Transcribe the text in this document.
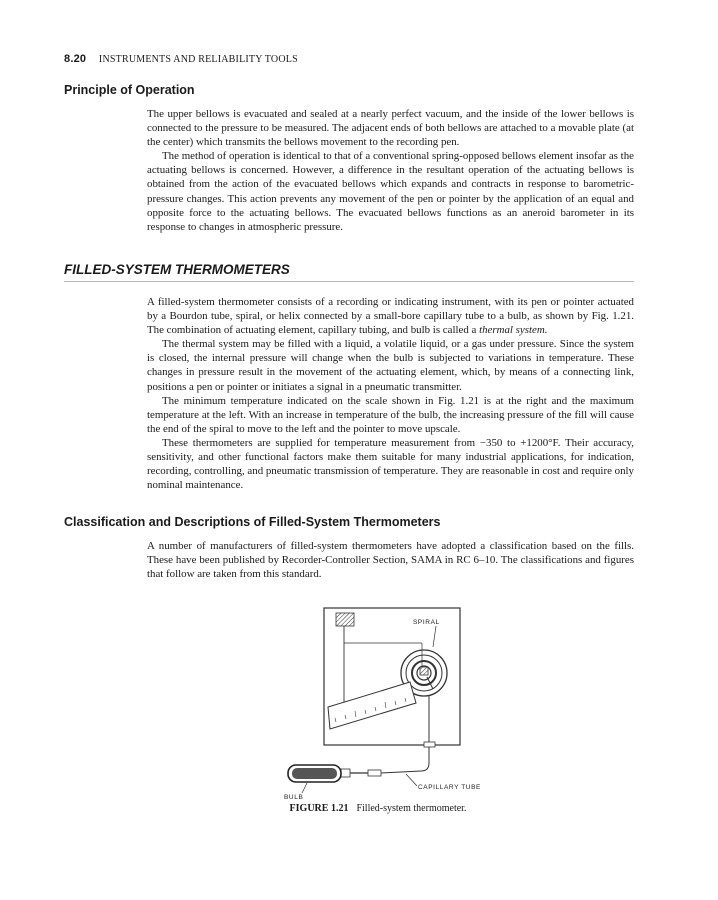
8.20 INSTRUMENTS AND RELIABILITY TOOLS
Principle of Operation

The upper bellows is evacuated and sealed at a nearly perfect vacuum, and the inside of the lower bellows is connected to the pressure to be measured. The adjacent ends of both bellows are attached to a movable plate (at the center) which transmits the bellows movement to the recording pen.

The method of operation is identical to that of a conventional spring-opposed bellows element insofar as the actuating bellows is concerned. However, a difference in the resultant operation of the actuating bellows is obtained from the action of the evacuated bellows which expands and contracts in response to barometric-pressure changes. This action prevents any movement of the pen or pointer by the application of an equal and opposite force to the actuating bellows. The evacuated bellows functions as an aneroid barometer in its response to changes in atmospheric pressure.

FILLED-SYSTEM THERMOMETERS

A filled-system thermometer consists of a recording or indicating instrument, with its pen or pointer actuated by a Bourdon tube, spiral, or helix connected by a small-bore capillary tube to a bulb, as shown by Fig. 1.21. The combination of actuating element, capillary tubing, and bulb is called a thermal system.

The thermal system may be filled with a liquid, a volatile liquid, or a gas under pressure. Since the system is closed, the internal pressure will change when the bulb is subjected to variations in temperature. These changes in pressure result in the movement of the actuating element, which, by means of a connecting link, positions a pen or pointer or initiates a signal in a pneumatic transmitter.

The minimum temperature indicated on the scale shown in Fig. 1.21 is at the right and the maximum temperature at the left. With an increase in temperature of the bulb, the increasing pressure of the fill will cause the end of the spiral to move to the left and the pointer to move upscale.

These thermometers are supplied for temperature measurement from −350 to +1200°F. Their accuracy, sensitivity, and other functional factors make them suitable for many industrial applications, for indication, recording, controlling, and pneumatic transmission of temperature. They are reasonable in cost and require only nominal maintenance.

Classification and Descriptions of Filled-System Thermometers

A number of manufacturers of filled-system thermometers have adopted a classification based on the fills. These have been published by Recorder-Controller Section, SAMA in RC 6–10. The classifications and figures that follow are taken from this standard.

SPIRAL
CAPILLARY TUBE
BULB
FIGURE 1.21 Filled-system thermometer.
